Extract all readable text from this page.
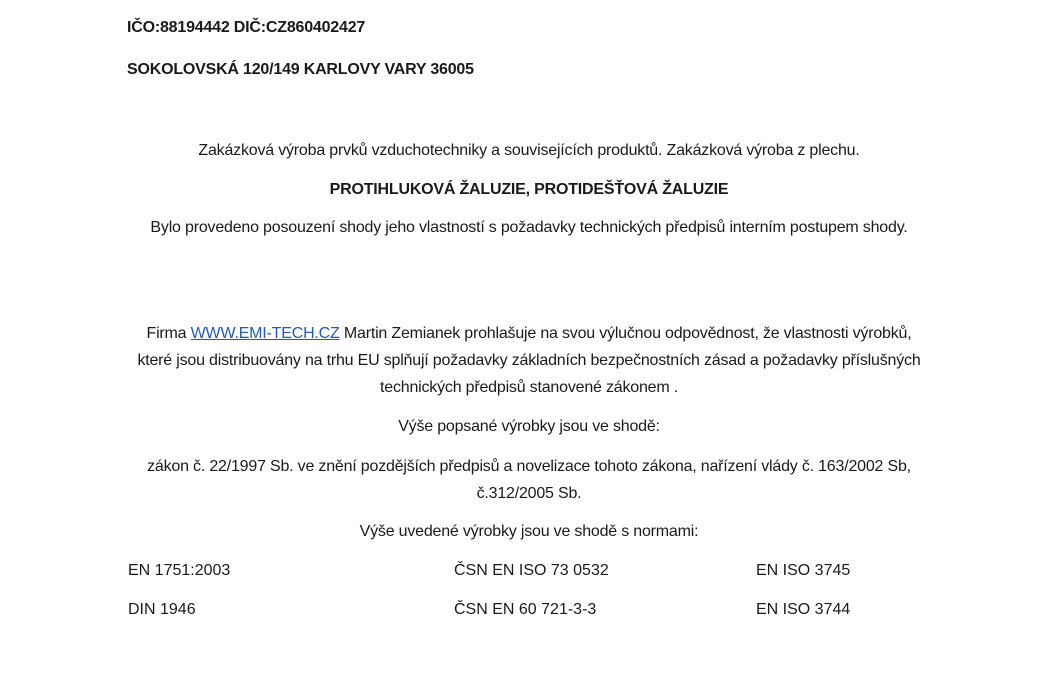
IČO:88194442 DIČ:CZ860402427
SOKOLOVSKÁ 120/149 KARLOVY VARY 36005
Zakázková výroba prvků vzduchotechniky a souvisejících produktů. Zakázková výroba z plechu.
PROTIHLUKOVÁ ŽALUZIE, PROTIDEŠŤOVÁ ŽALUZIE
Bylo provedeno posouzení shody jeho vlastností s požadavky technických předpisů interním postupem shody.
Firma WWW.EMI-TECH.CZ Martin Zemianek prohlašuje na svou výlučnou odpovědnost, že vlastnosti výrobků, které jsou distribuovány na trhu EU splňují požadavky základních bezpečnostních zásad a požadavky příslušných technických předpisů stanovené zákonem .
Výše popsané výrobky jsou ve shodě:
zákon č. 22/1997 Sb. ve znění pozdějších předpisů a novelizace tohoto zákona, nařízení vlády č. 163/2002 Sb, č.312/2005 Sb.
Výše uvedené výrobky jsou ve shodě s normami:
EN 1751:2003	ČSN EN ISO 73 0532	EN ISO 3745
DIN 1946	ČSN EN 60 721-3-3	EN ISO 3744
